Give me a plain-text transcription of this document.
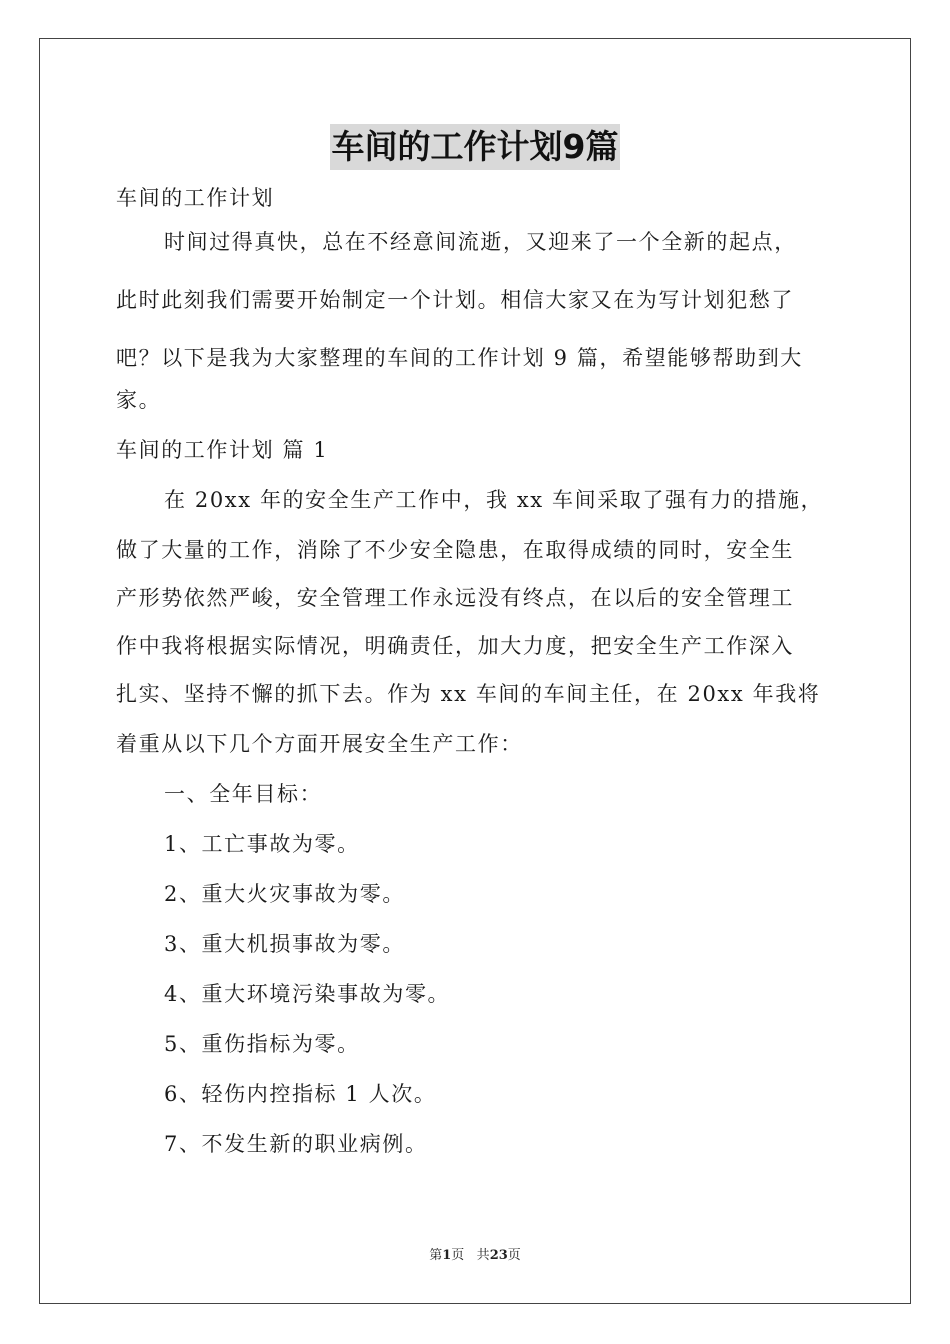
车间的工作计划9篇
车间的工作计划
时间过得真快，总在不经意间流逝，又迎来了一个全新的起点，
此时此刻我们需要开始制定一个计划。相信大家又在为写计划犯愁了
吧？以下是我为大家整理的车间的工作计划 9 篇，希望能够帮助到大
家。
车间的工作计划 篇 1
在 20xx 年的安全生产工作中，我 xx 车间采取了强有力的措施，
做了大量的工作，消除了不少安全隐患，在取得成绩的同时，安全生
产形势依然严峻，安全管理工作永远没有终点，在以后的安全管理工
作中我将根据实际情况，明确责任，加大力度，把安全生产工作深入
扎实、坚持不懈的抓下去。作为 xx 车间的车间主任，在 20xx 年我将
着重从以下几个方面开展安全生产工作：
一、全年目标：
1、工亡事故为零。
2、重大火灾事故为零。
3、重大机损事故为零。
4、重大环境污染事故为零。
5、重伤指标为零。
6、轻伤内控指标 1 人次。
7、不发生新的职业病例。
第1页 共23页
